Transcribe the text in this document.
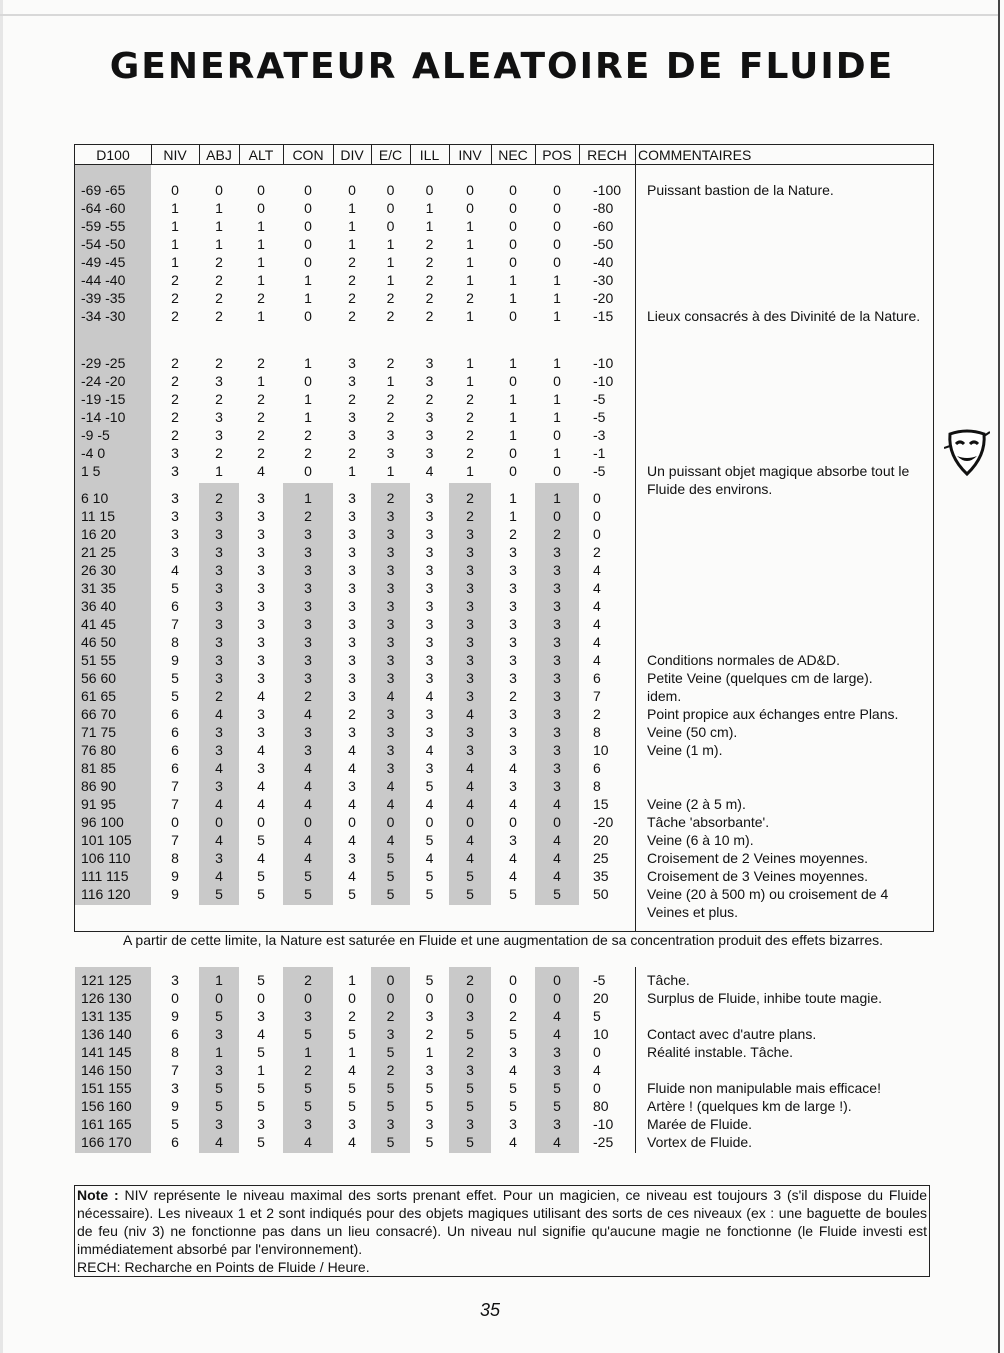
GENERATEUR ALEATOIRE DE FLUIDE
D100	NIV	ABJ	ALT	CON	DIV	E/C	ILL	INV	NEC	POS	RECH COMMENTAIRES
-69 -65	0	0	0	0	0	0	0	0	0	0	-100	Puissant bastion de la Nature.
-64 -60	1	1	0	0	1	0	1	0	0	0	-80
-59 -55	1	1	1	0	1	0	1	1	0	0	-60
-54 -50	1	1	1	0	1	1	2	1	0	0	-50
-49 -45	1	2	1	0	2	1	2	1	0	0	-40
-44 -40	2	2	1	1	2	1	2	1	1	1	-30
-39 -35	2	2	2	1	2	2	2	2	1	1	-20
-34 -30	2	2	1	0	2	2	2	1	0	1	-15	Lieux consacrés à des Divinité de la Nature.
-29 -25	2	2	2	1	3	2	3	1	1	1	-10
-24 -20	2	3	1	0	3	1	3	1	0	0	-10
-19 -15	2	2	2	1	2	2	2	2	1	1	-5
-14 -10	2	3	2	1	3	2	3	2	1	1	-5
-9 -5	2	3	2	2	3	3	3	2	1	0	-3
-4 0	3	2	2	2	2	3	3	2	0	1	-1
1 5	3	1	4	0	1	1	4	1	0	0	-5	Un puissant objet magique absorbe tout le Fluide des environs.
6 10	3	2	3	1	3	2	3	2	1	1	0
11 15	3	3	3	2	3	3	3	2	1	0	0
16 20	3	3	3	3	3	3	3	3	2	2	0
21 25	3	3	3	3	3	3	3	3	3	3	2
26 30	4	3	3	3	3	3	3	3	3	3	4
31 35	5	3	3	3	3	3	3	3	3	3	4
36 40	6	3	3	3	3	3	3	3	3	3	4
41 45	7	3	3	3	3	3	3	3	3	3	4
46 50	8	3	3	3	3	3	3	3	3	3	4
51 55	9	3	3	3	3	3	3	3	3	3	4	Conditions normales de AD&D.
56 60	5	3	3	3	3	3	3	3	3	3	6	Petite Veine (quelques cm de large).
61 65	5	2	4	2	3	4	4	3	2	3	7	idem.
66 70	6	4	3	4	2	3	3	4	3	3	2	Point propice aux échanges entre Plans.
71 75	6	3	3	3	3	3	3	3	3	3	8	Veine (50 cm).
76 80	6	3	4	3	4	3	4	3	3	3	10	Veine (1 m).
81 85	6	4	3	4	4	3	3	4	4	3	6
86 90	7	3	4	4	3	4	5	4	3	3	8
91 95	7	4	4	4	4	4	4	4	4	4	15	Veine (2 à 5 m).
96 100	0	0	0	0	0	0	0	0	0	0	-20	Tâche 'absorbante'.
101 105	7	4	5	4	4	4	5	4	3	4	20	Veine (6 à 10 m).
106 110	8	3	4	4	3	5	4	4	4	4	25	Croisement de 2 Veines moyennes.
111 115	9	4	5	5	4	5	5	5	4	4	35	Croisement de 3 Veines moyennes.
116 120	9	5	5	5	5	5	5	5	5	5	50	Veine (20 à 500 m) ou croisement de 4 Veines et plus.
121 125	3	1	5	2	1	0	5	2	0	0	-5	Tâche.
126 130	0	0	0	0	0	0	0	0	0	0	20	Surplus de Fluide, inhibe toute magie.
131 135	9	5	3	3	2	2	3	3	2	4	5
136 140	6	3	4	5	5	3	2	5	5	4	10	Contact avec d'autre plans.
141 145	8	1	5	1	1	5	1	2	3	3	0	Réalité instable. Tâche.
146 150	7	3	1	2	4	2	3	3	4	3	4
151 155	3	5	5	5	5	5	5	5	5	5	0	Fluide non manipulable mais efficace!
156 160	9	5	5	5	5	5	5	5	5	5	80	Artère ! (quelques km de large !).
161 165	5	3	3	3	3	3	3	3	3	3	-10	Marée de Fluide.
166 170	6	4	5	4	4	5	5	5	4	4	-25	Vortex de Fluide.
A partir de cette limite, la Nature est saturée en Fluide et une augmentation de sa concentration produit des effets bizarres.
Note : NIV représente le niveau maximal des sorts prenant effet. Pour un magicien, ce niveau est toujours 3 (s'il dispose du Fluide nécessaire). Les niveaux 1 et 2 sont indiqués pour des objets magiques utilisant des sorts de ces niveaux (ex : une baguette de boules de feu (niv 3) ne fonctionne pas dans un lieu consacré). Un niveau nul signifie qu'aucune magie ne fonctionne (le Fluide investi est immédiatement absorbé par l'environnement).
RECH: Recharche en Points de Fluide / Heure.
35
